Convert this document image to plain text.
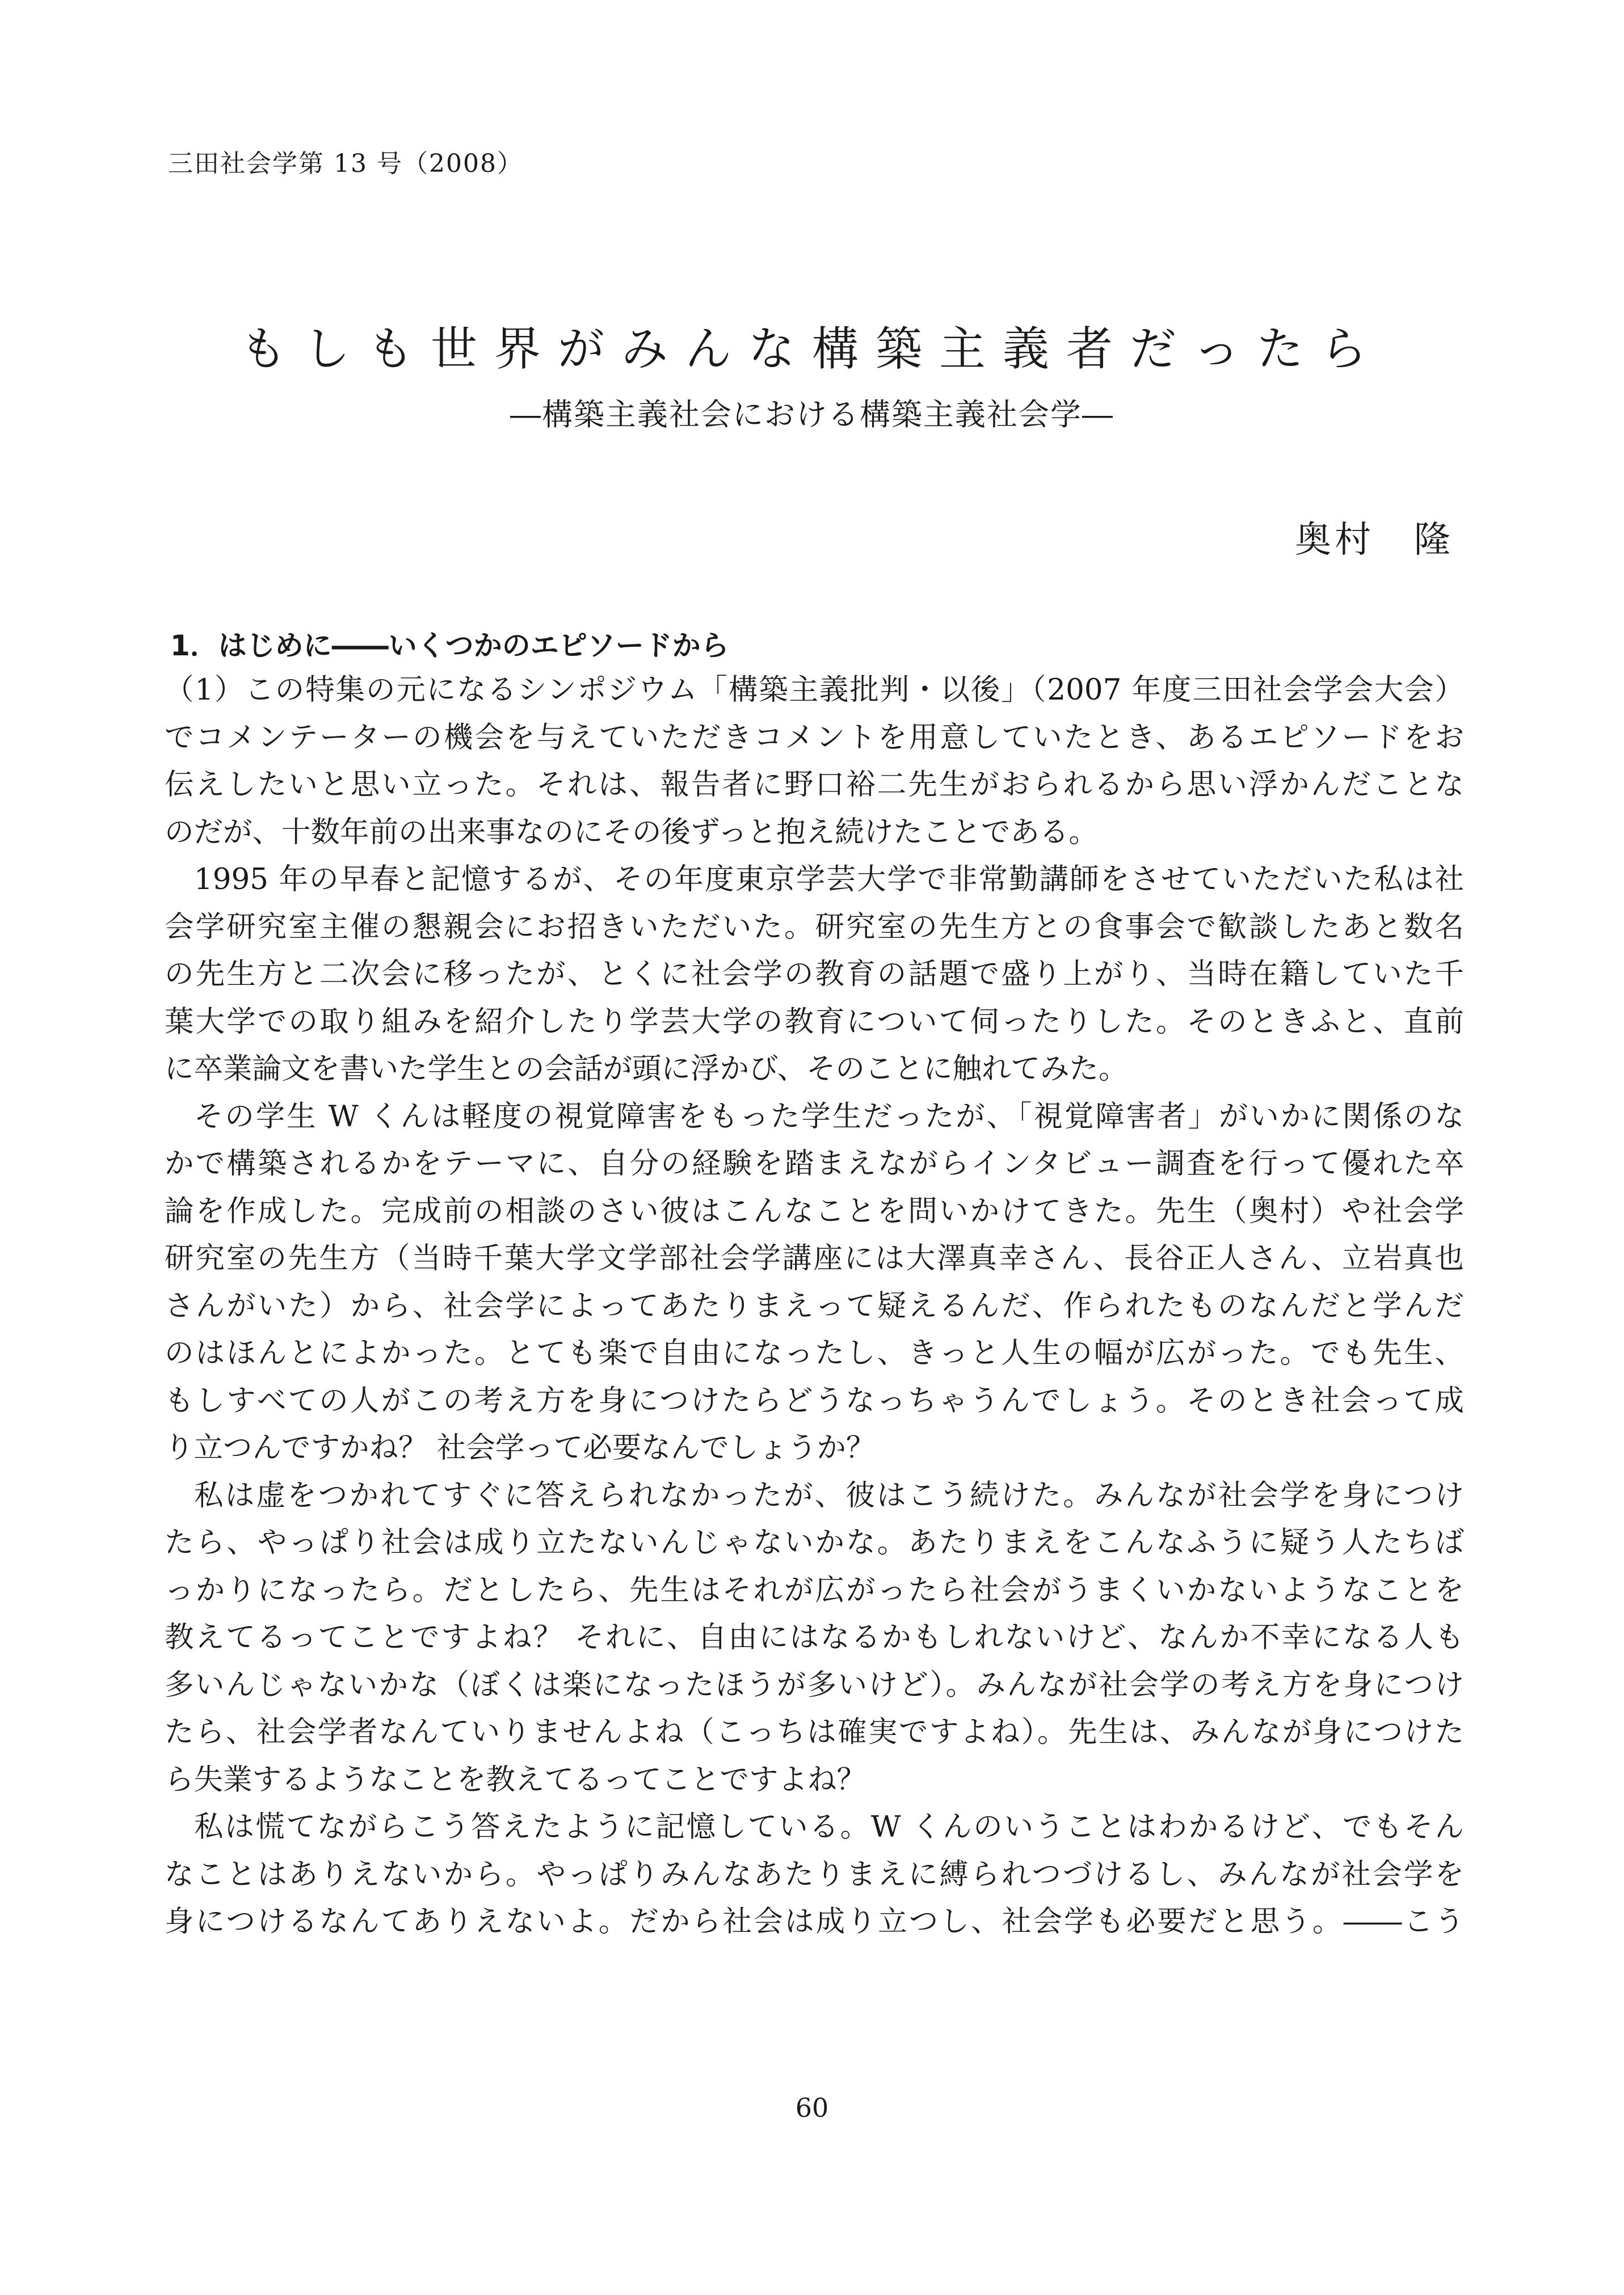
三田社会学第 13 号（2008）
もしも世界がみんな構築主義者だったら
―構築主義社会における構築主義社会学―
奥村　隆
1．はじめに――いくつかのエピソードから
（1）この特集の元になるシンポジウム「構築主義批判・以後」（2007 年度三田社会学会大会）
でコメンテーターの機会を与えていただきコメントを用意していたとき、あるエピソードをお
伝えしたいと思い立った。それは、報告者に野口裕二先生がおられるから思い浮かんだことな
のだが、十数年前の出来事なのにその後ずっと抱え続けたことである。
1995 年の早春と記憶するが、その年度東京学芸大学で非常勤講師をさせていただいた私は社
会学研究室主催の懇親会にお招きいただいた。研究室の先生方との食事会で歓談したあと数名
の先生方と二次会に移ったが、とくに社会学の教育の話題で盛り上がり、当時在籍していた千
葉大学での取り組みを紹介したり学芸大学の教育について伺ったりした。そのときふと、直前
に卒業論文を書いた学生との会話が頭に浮かび、そのことに触れてみた。
その学生 W くんは軽度の視覚障害をもった学生だったが、「視覚障害者」がいかに関係のな
かで構築されるかをテーマに、自分の経験を踏まえながらインタビュー調査を行って優れた卒
論を作成した。完成前の相談のさい彼はこんなことを問いかけてきた。先生（奥村）や社会学
研究室の先生方（当時千葉大学文学部社会学講座には大澤真幸さん、長谷正人さん、立岩真也
さんがいた）から、社会学によってあたりまえって疑えるんだ、作られたものなんだと学んだ
のはほんとによかった。とても楽で自由になったし、きっと人生の幅が広がった。でも先生、
もしすべての人がこの考え方を身につけたらどうなっちゃうんでしょう。そのとき社会って成
り立つんですかね？ 社会学って必要なんでしょうか？
私は虚をつかれてすぐに答えられなかったが、彼はこう続けた。みんなが社会学を身につけ
たら、やっぱり社会は成り立たないんじゃないかな。あたりまえをこんなふうに疑う人たちば
っかりになったら。だとしたら、先生はそれが広がったら社会がうまくいかないようなことを
教えてるってことですよね？ それに、自由にはなるかもしれないけど、なんか不幸になる人も
多いんじゃないかな（ぼくは楽になったほうが多いけど）。みんなが社会学の考え方を身につけ
たら、社会学者なんていりませんよね（こっちは確実ですよね）。先生は、みんなが身につけた
ら失業するようなことを教えてるってことですよね？
私は慌てながらこう答えたように記憶している。W くんのいうことはわかるけど、でもそん
なことはありえないから。やっぱりみんなあたりまえに縛られつづけるし、みんなが社会学を
身につけるなんてありえないよ。だから社会は成り立つし、社会学も必要だと思う。――こう
60
